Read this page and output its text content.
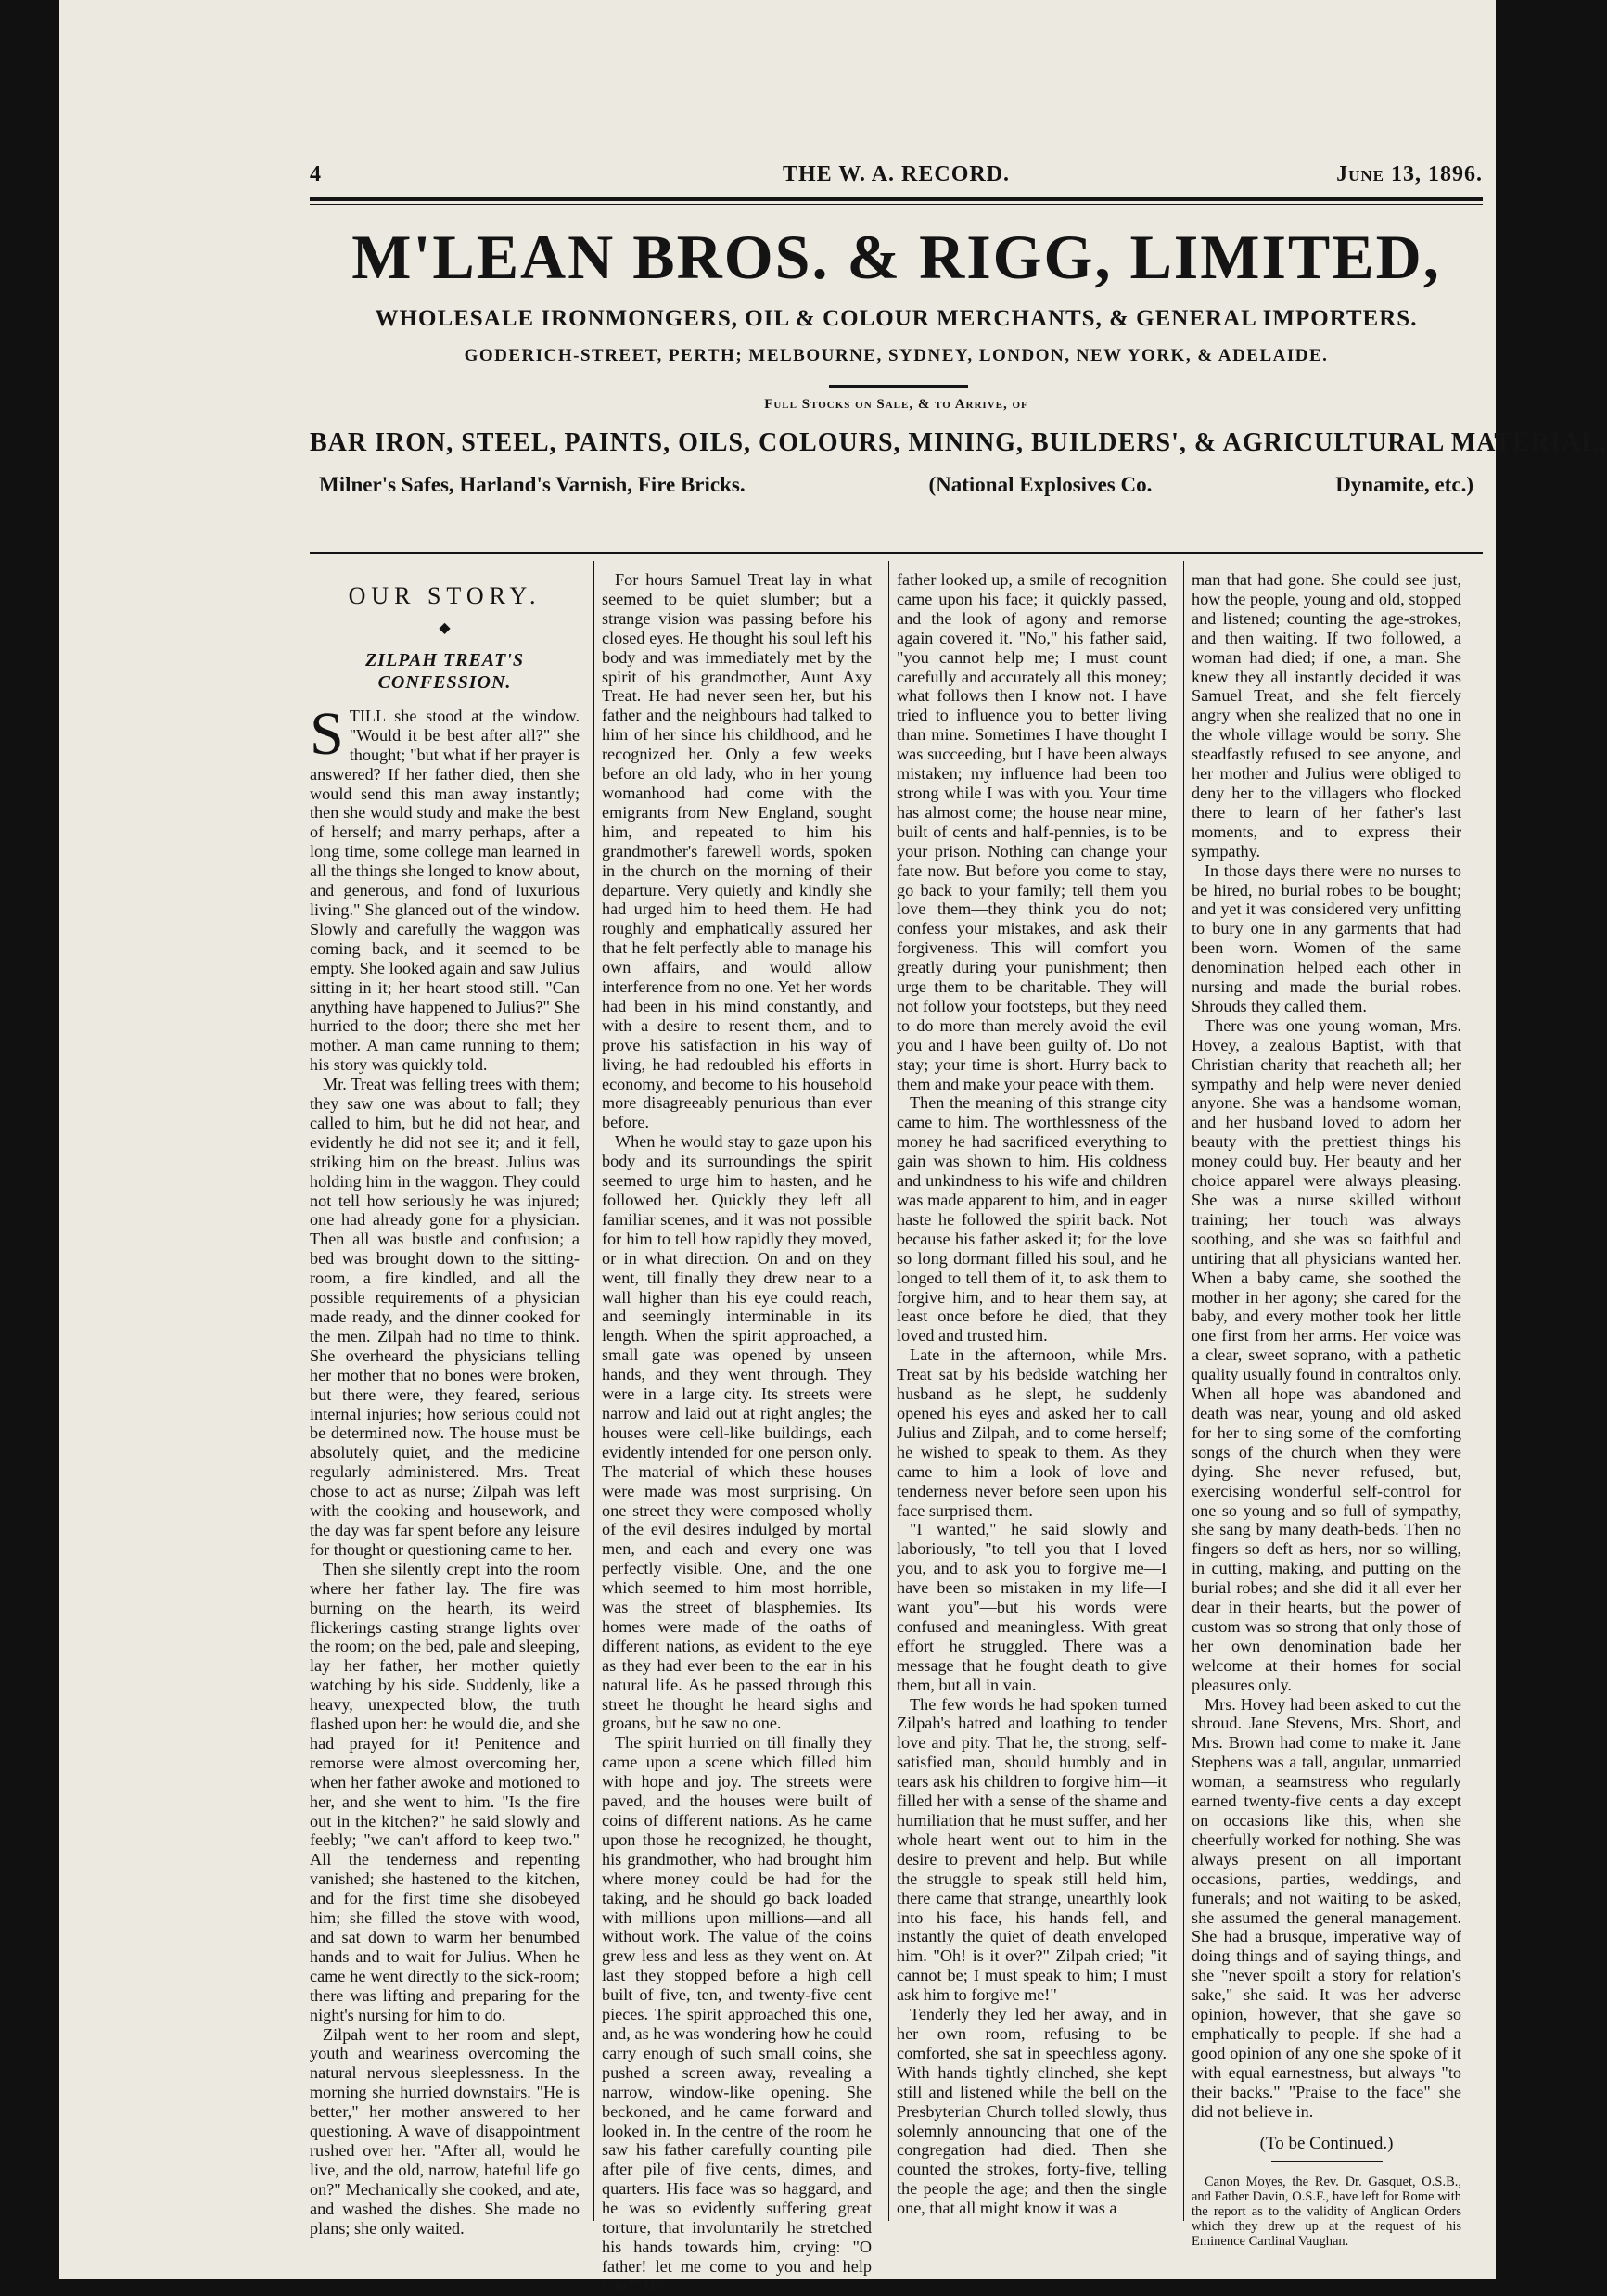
4	THE W. A. RECORD.	June 13, 1896.
M'LEAN BROS. & RIGG, LIMITED,
WHOLESALE IRONMONGERS, OIL & COLOUR MERCHANTS, & GENERAL IMPORTERS.
GODERICH-STREET, PERTH; MELBOURNE, SYDNEY, LONDON, NEW YORK, & ADELAIDE.
Full Stocks on Sale, & to Arrive, of
BAR IRON, STEEL, PAINTS, OILS, COLOURS, MINING, BUILDERS', & AGRICULTURAL MATERIAL,
Milner's Safes, Harland's Varnish, Fire Bricks.	(National Explosives Co.	Dynamite, etc.)
OUR STORY.
◆
ZILPAH TREAT'S CONFESSION.

STILL she stood at the window. "Would it be best after all?" she thought; "but what if her prayer is answered? If her father died, then she would send this man away instantly; then she would study and make the best of herself; and marry perhaps, after a long time, some college man learned in all the things she longed to know about, and generous, and fond of luxurious living." She glanced out of the window. Slowly and carefully the waggon was coming back, and it seemed to be empty. She looked again and saw Julius sitting in it; her heart stood still. "Can anything have happened to Julius?" She hurried to the door; there she met her mother. A man came running to them; his story was quickly told.

Mr. Treat was felling trees with them; they saw one was about to fall; they called to him, but he did not hear, and evidently he did not see it; and it fell, striking him on the breast. Julius was holding him in the waggon. They could not tell how seriously he was injured; one had already gone for a physician. Then all was bustle and confusion; a bed was brought down to the sitting-room, a fire kindled, and all the possible requirements of a physician made ready, and the dinner cooked for the men. Zilpah had no time to think. She overheard the physicians telling her mother that no bones were broken, but there were, they feared, serious internal injuries; how serious could not be determined now. The house must be absolutely quiet, and the medicine regularly administered. Mrs. Treat chose to act as nurse; Zilpah was left with the cooking and housework, and the day was far spent before any leisure for thought or questioning came to her.

Then she silently crept into the room where her father lay. The fire was burning on the hearth, its weird flickerings casting strange lights over the room; on the bed, pale and sleeping, lay her father, her mother quietly watching by his side. Suddenly, like a heavy, unexpected blow, the truth flashed upon her: he would die, and she had prayed for it! Penitence and remorse were almost overcoming her, when her father awoke and motioned to her, and she went to him. "Is the fire out in the kitchen?" he said slowly and feebly; "we can't afford to keep two." All the tenderness and repenting vanished; she hastened to the kitchen, and for the first time she disobeyed him; she filled the stove with wood, and sat down to warm her benumbed hands and to wait for Julius. When he came he went directly to the sick-room; there was lifting and preparing for the night's nursing for him to do.

Zilpah went to her room and slept, youth and weariness overcoming the natural nervous sleeplessness. In the morning she hurried downstairs. "He is better," her mother answered to her questioning. A wave of disappointment rushed over her. "After all, would he live, and the old, narrow, hateful life go on?" Mechanically she cooked, and ate, and washed the dishes. She made no plans; she only waited.

For hours Samuel Treat lay in what seemed to be quiet slumber; but a strange vision was passing before his closed eyes. He thought his soul left his body and was immediately met by the spirit of his grandmother, Aunt Axy Treat. He had never seen her, but his father and the neighbours had talked to him of her since his childhood, and he recognized her. Only a few weeks before an old lady, who in her young womanhood had come with the emigrants from New England, sought him, and repeated to him his grandmother's farewell words, spoken in the church on the morning of their departure. Very quietly and kindly she had urged him to heed them. He had roughly and emphatically assured her that he felt perfectly able to manage his own affairs, and would allow interference from no one. Yet her words had been in his mind constantly, and with a desire to resent them, and to prove his satisfaction in his way of living, he had redoubled his efforts in economy, and become to his household more disagreeably penurious than ever before.

When he would stay to gaze upon his body and its surroundings the spirit seemed to urge him to hasten, and he followed her. Quickly they left all familiar scenes, and it was not possible for him to tell how rapidly they moved, or in what direction. On and on they went, till finally they drew near to a wall higher than his eye could reach, and seemingly interminable in its length. When the spirit approached, a small gate was opened by unseen hands, and they went through. They were in a large city. Its streets were narrow and laid out at right angles; the houses were cell-like buildings, each evidently intended for one person only. The material of which these houses were made was most surprising. On one street they were composed wholly of the evil desires indulged by mortal men, and each and every one was perfectly visible. One, and the one which seemed to him most horrible, was the street of blasphemies. Its homes were made of the oaths of different nations, as evident to the eye as they had ever been to the ear in his natural life. As he passed through this street he thought he heard sighs and groans, but he saw no one.

The spirit hurried on till finally they came upon a scene which filled him with hope and joy. The streets were paved, and the houses were built of coins of different nations. As he came upon those he recognized, he thought, his grandmother, who had brought him where money could be had for the taking, and he should go back loaded with millions upon millions—and all without work. The value of the coins grew less and less as they went on. At last they stopped before a high cell built of five, ten, and twenty-five cent pieces. The spirit approached this one, and, as he was wondering how he could carry enough of such small coins, she pushed a screen away, revealing a narrow, window-like opening. She beckoned, and he came forward and looked in. In the centre of the room he saw his father carefully counting pile after pile of five cents, dimes, and quarters. His face was so haggard, and he was so evidently suffering great torture, that involuntarily he stretched his hands towards him, crying: "O father! let me come to you and help you!" His

father looked up, a smile of recognition came upon his face; it quickly passed, and the look of agony and remorse again covered it. "No," his father said, "you cannot help me; I must count carefully and accurately all this money; what follows then I know not. I have tried to influence you to better living than mine. Sometimes I have thought I was succeeding, but I have been always mistaken; my influence had been too strong while I was with you. Your time has almost come; the house near mine, built of cents and half-pennies, is to be your prison. Nothing can change your fate now. But before you come to stay, go back to your family; tell them you love them—they think you do not; confess your mistakes, and ask their forgiveness. This will comfort you greatly during your punishment; then urge them to be charitable. They will not follow your footsteps, but they need to do more than merely avoid the evil you and I have been guilty of. Do not stay; your time is short. Hurry back to them and make your peace with them.

Then the meaning of this strange city came to him. The worthlessness of the money he had sacrificed everything to gain was shown to him. His coldness and unkindness to his wife and children was made apparent to him, and in eager haste he followed the spirit back. Not because his father asked it; for the love so long dormant filled his soul, and he longed to tell them of it, to ask them to forgive him, and to hear them say, at least once before he died, that they loved and trusted him.

Late in the afternoon, while Mrs. Treat sat by his bedside watching her husband as he slept, he suddenly opened his eyes and asked her to call Julius and Zilpah, and to come herself; he wished to speak to them. As they came to him a look of love and tenderness never before seen upon his face surprised them.

"I wanted," he said slowly and laboriously, "to tell you that I loved you, and to ask you to forgive me—I have been so mistaken in my life—I want you"—but his words were confused and meaningless. With great effort he struggled. There was a message that he fought death to give them, but all in vain.

The few words he had spoken turned Zilpah's hatred and loathing to tender love and pity. That he, the strong, self-satisfied man, should humbly and in tears ask his children to forgive him—it filled her with a sense of the shame and humiliation that he must suffer, and her whole heart went out to him in the desire to prevent and help. But while the struggle to speak still held him, there came that strange, unearthly look into his face, his hands fell, and instantly the quiet of death enveloped him. "Oh! is it over?" Zilpah cried; "it cannot be; I must speak to him; I must ask him to forgive me!"

Tenderly they led her away, and in her own room, refusing to be comforted, she sat in speechless agony. With hands tightly clinched, she kept still and listened while the bell on the Presbyterian Church tolled slowly, thus solemnly announcing that one of the congregation had died. Then she counted the strokes, forty-five, telling the people the age; and then the single one, that all might know it was a

man that had gone. She could see just, how the people, young and old, stopped and listened; counting the age-strokes, and then waiting. If two followed, a woman had died; if one, a man. She knew they all instantly decided it was Samuel Treat, and she felt fiercely angry when she realized that no one in the whole village would be sorry. She steadfastly refused to see anyone, and her mother and Julius were obliged to deny her to the villagers who flocked there to learn of her father's last moments, and to express their sympathy.

In those days there were no nurses to be hired, no burial robes to be bought; and yet it was considered very unfitting to bury one in any garments that had been worn. Women of the same denomination helped each other in nursing and made the burial robes. Shrouds they called them.

There was one young woman, Mrs. Hovey, a zealous Baptist, with that Christian charity that reacheth all; her sympathy and help were never denied anyone. She was a handsome woman, and her husband loved to adorn her beauty with the prettiest things his money could buy. Her beauty and her choice apparel were always pleasing. She was a nurse skilled without training; her touch was always soothing, and she was so faithful and untiring that all physicians wanted her. When a baby came, she soothed the mother in her agony; she cared for the baby, and every mother took her little one first from her arms. Her voice was a clear, sweet soprano, with a pathetic quality usually found in contraltos only. When all hope was abandoned and death was near, young and old asked for her to sing some of the comforting songs of the church when they were dying. She never refused, but, exercising wonderful self-control for one so young and so full of sympathy, she sang by many death-beds. Then no fingers so deft as hers, nor so willing, in cutting, making, and putting on the burial robes; and she did it all ever her dear in their hearts, but the power of custom was so strong that only those of her own denomination bade her welcome at their homes for social pleasures only.

Mrs. Hovey had been asked to cut the shroud. Jane Stevens, Mrs. Short, and Mrs. Brown had come to make it. Jane Stephens was a tall, angular, unmarried woman, a seamstress who regularly earned twenty-five cents a day except on occasions like this, when she cheerfully worked for nothing. She was always present on all important occasions, parties, weddings, and funerals; and not waiting to be asked, she assumed the general management. She had a brusque, imperative way of doing things and of saying things, and she "never spoilt a story for relation's sake," she said. It was her adverse opinion, however, that she gave so emphatically to people. If she had a good opinion of any one she spoke of it with equal earnestness, but always "to their backs." "Praise to the face" she did not believe in.

(To be Continued.)

Canon Moyes, the Rev. Dr. Gasquet, O.S.B., and Father Davin, O.S.F., have left for Rome with the report as to the validity of Anglican Orders which they drew up at the request of his Eminence Cardinal Vaughan.
